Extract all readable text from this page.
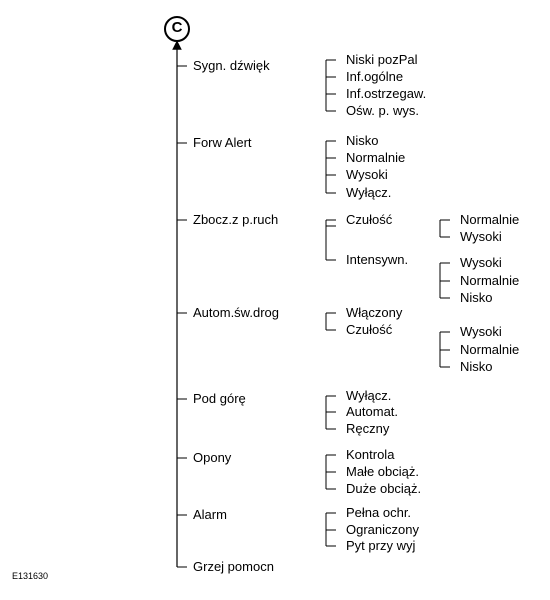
C
Sygn. dźwięk	Niski pozPal
Inf.ogólne
Inf.ostrzegaw.
Ośw. p. wys.
Forw Alert	Nisko
Normalnie
Wysoki
Wyłącz.
Zbocz.z p.ruch	Czułość	Normalnie
Wysoki
Intensywn.	Wysoki
Normalnie
Nisko
Autom.św.drog	Włączony
Czułość	Wysoki
Normalnie
Nisko
Pod górę	Wyłącz.
Automat.
Ręczny
Opony	Kontrola
Małe obciąż.
Duże obciąż.
Alarm	Pełna ochr.
Ograniczony
Pyt przy wyj
Grzej pomocn
E131630
